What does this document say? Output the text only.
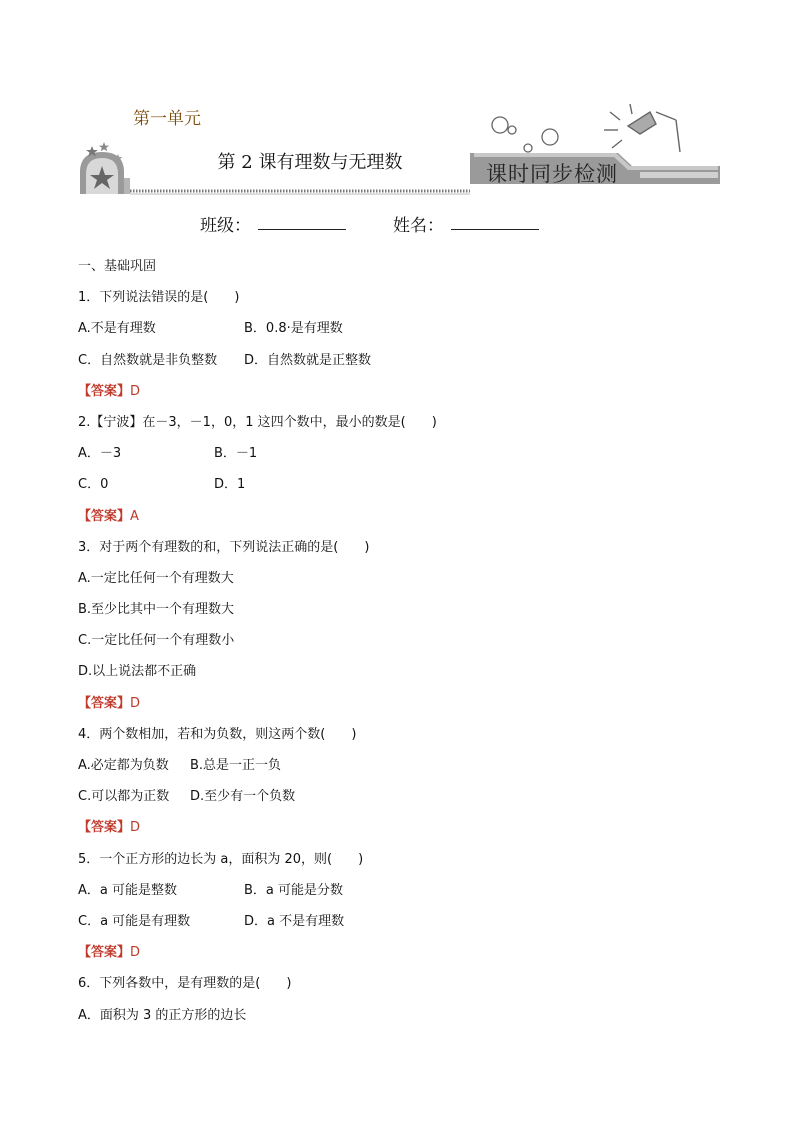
第一单元
第 2 课有理数与无理数	课时同步检测
班级：	姓名：
一、基础巩固
1．下列说法错误的是(　　)
A.不是有理数	B．0.8·是有理数
C．自然数就是非负整数	D．自然数就是正整数
【答案】D
2.【宁波】在－3，－1，0，1 这四个数中，最小的数是(　　)
A．－3	B．－1
C．0	D．1
【答案】A
3．对于两个有理数的和，下列说法正确的是(　　)
A.一定比任何一个有理数大
B.至少比其中一个有理数大
C.一定比任何一个有理数小
D.以上说法都不正确
【答案】D
4．两个数相加，若和为负数，则这两个数(　　)
A.必定都为负数	B.总是一正一负
C.可以都为正数	D.至少有一个负数
【答案】D
5．一个正方形的边长为 a，面积为 20，则(　　)
A．a 可能是整数	B．a 可能是分数
C．a 可能是有理数	D．a 不是有理数
【答案】D
6．下列各数中，是有理数的是(　　)
A．面积为 3 的正方形的边长
